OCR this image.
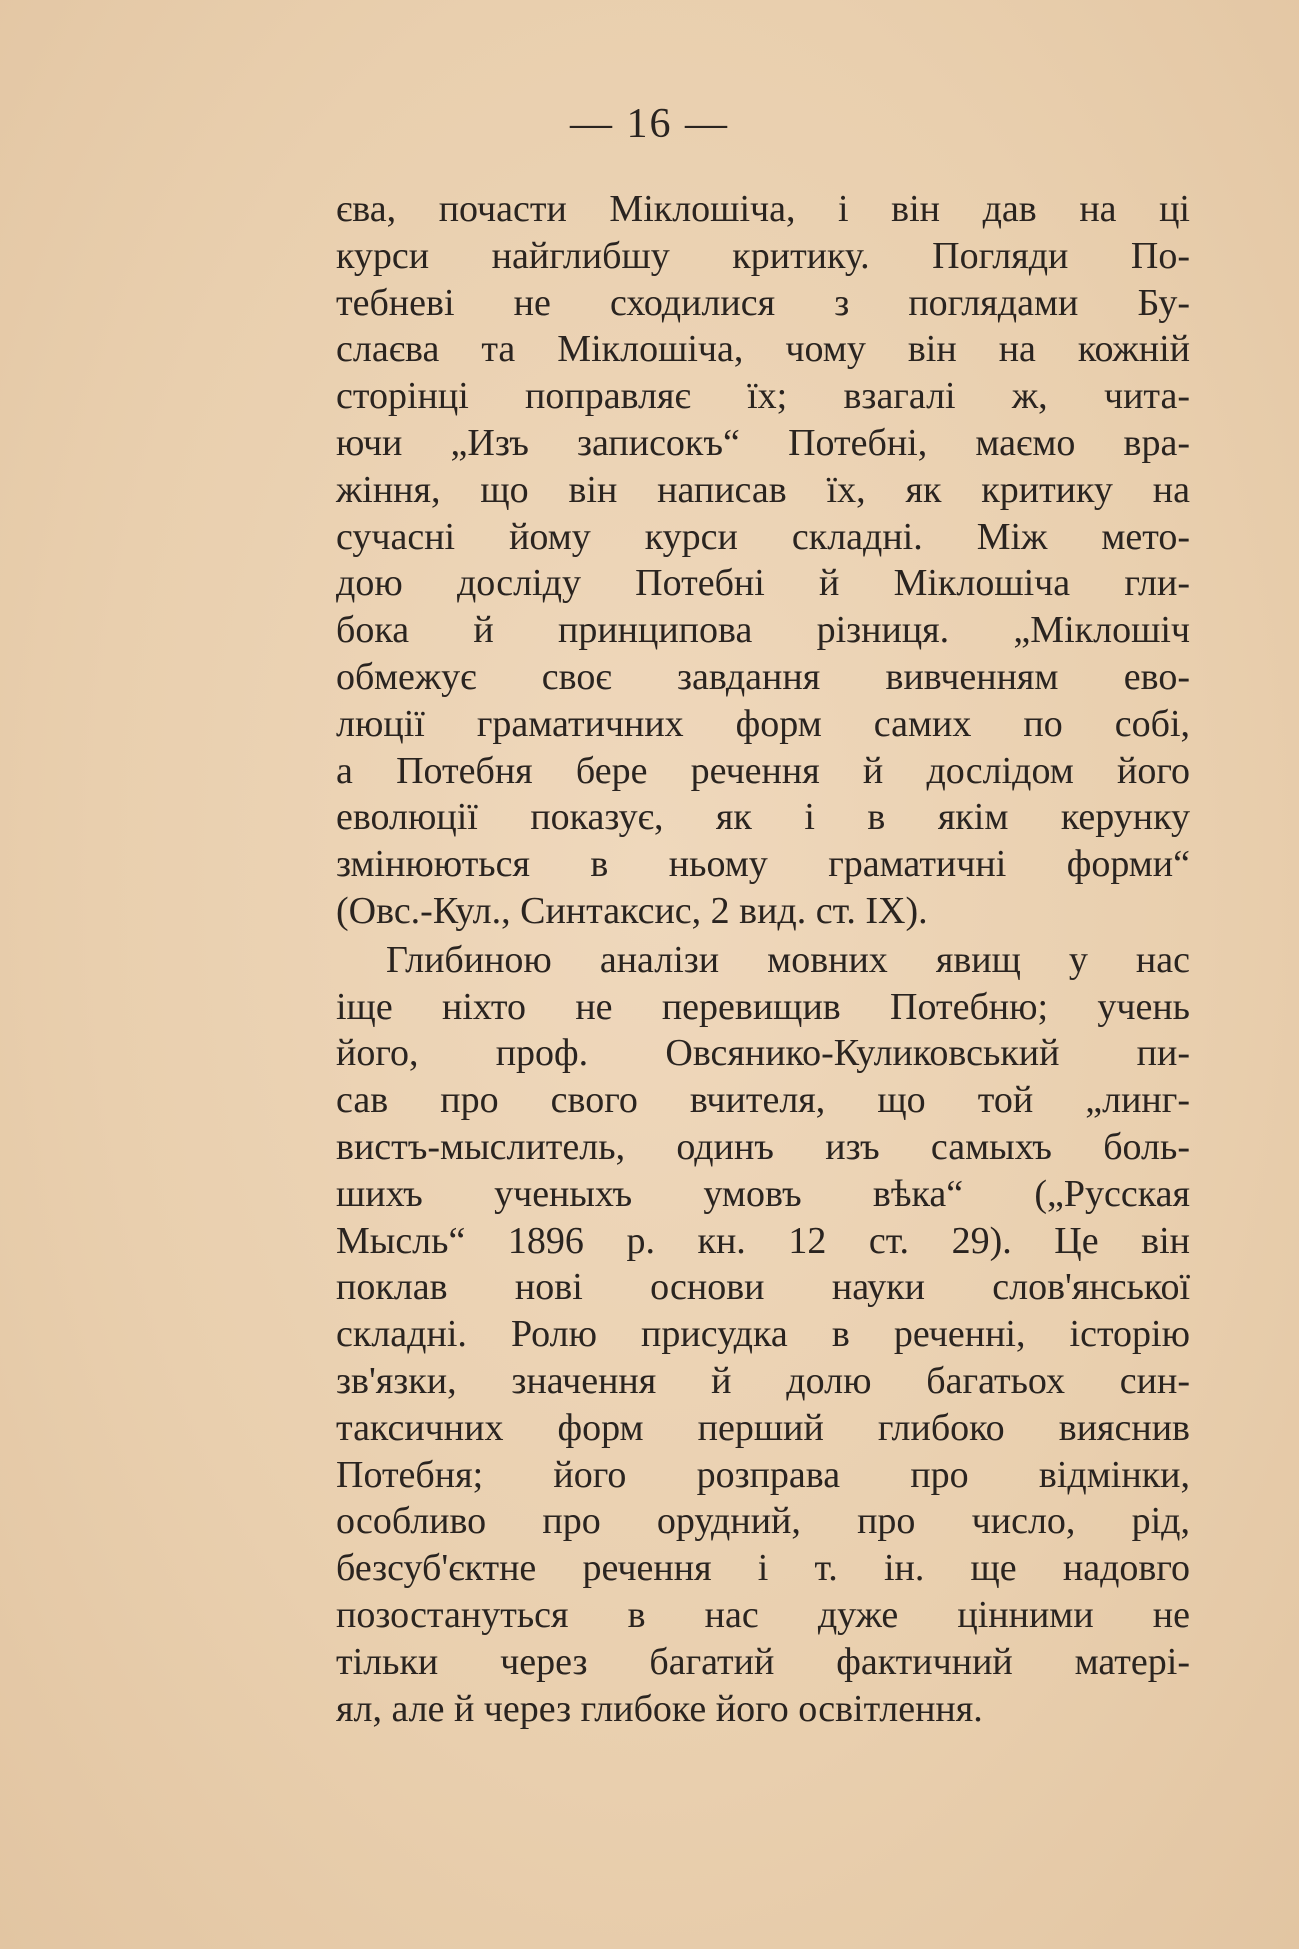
— 16 —
єва, почасти Міклошіча, і він дав на ці
курси найглибшу критику. Погляди По-
тебневі не сходилися з поглядами Бу-
слаєва та Міклошіча, чому він на кожній
сторінці поправляє їх; взагалі ж, чита-
ючи „Изъ записокъ“ Потебні, маємо вра-
жіння, що він написав їх, як критику на
сучасні йому курси складні. Між мето-
дою досліду Потебні й Міклошіча гли-
бока й принципова різниця. „Міклошіч
обмежує своє завдання вивченням ево-
люції граматичних форм самих по собі,
а Потебня бере речення й дослідом його
еволюції показує, як і в якім керунку
змінюються в ньому граматичні форми“
(Овс.-Кул., Синтаксис, 2 вид. ст. IX).
Глибиною аналізи мовних явищ у нас
іще ніхто не перевищив Потебню; учень
його, проф. Овсянико-Куликовський пи-
сав про свого вчителя, що той „линг-
вистъ-мыслитель, одинъ изъ самыхъ боль-
шихъ ученыхъ умовъ вѣка“ („Русская
Мысль“ 1896 р. кн. 12 ст. 29). Це він
поклав нові основи науки слов'янської
складні. Ролю присудка в реченні, історію
зв'язки, значення й долю багатьох син-
таксичних форм перший глибоко вияснив
Потебня; його розправа про відмінки,
особливо про орудний, про число, рід,
безсуб'єктне речення і т. ін. ще надовго
позостануться в нас дуже цінними не
тільки через багатий фактичний матері-
ял, але й через глибоке його освітлення.
